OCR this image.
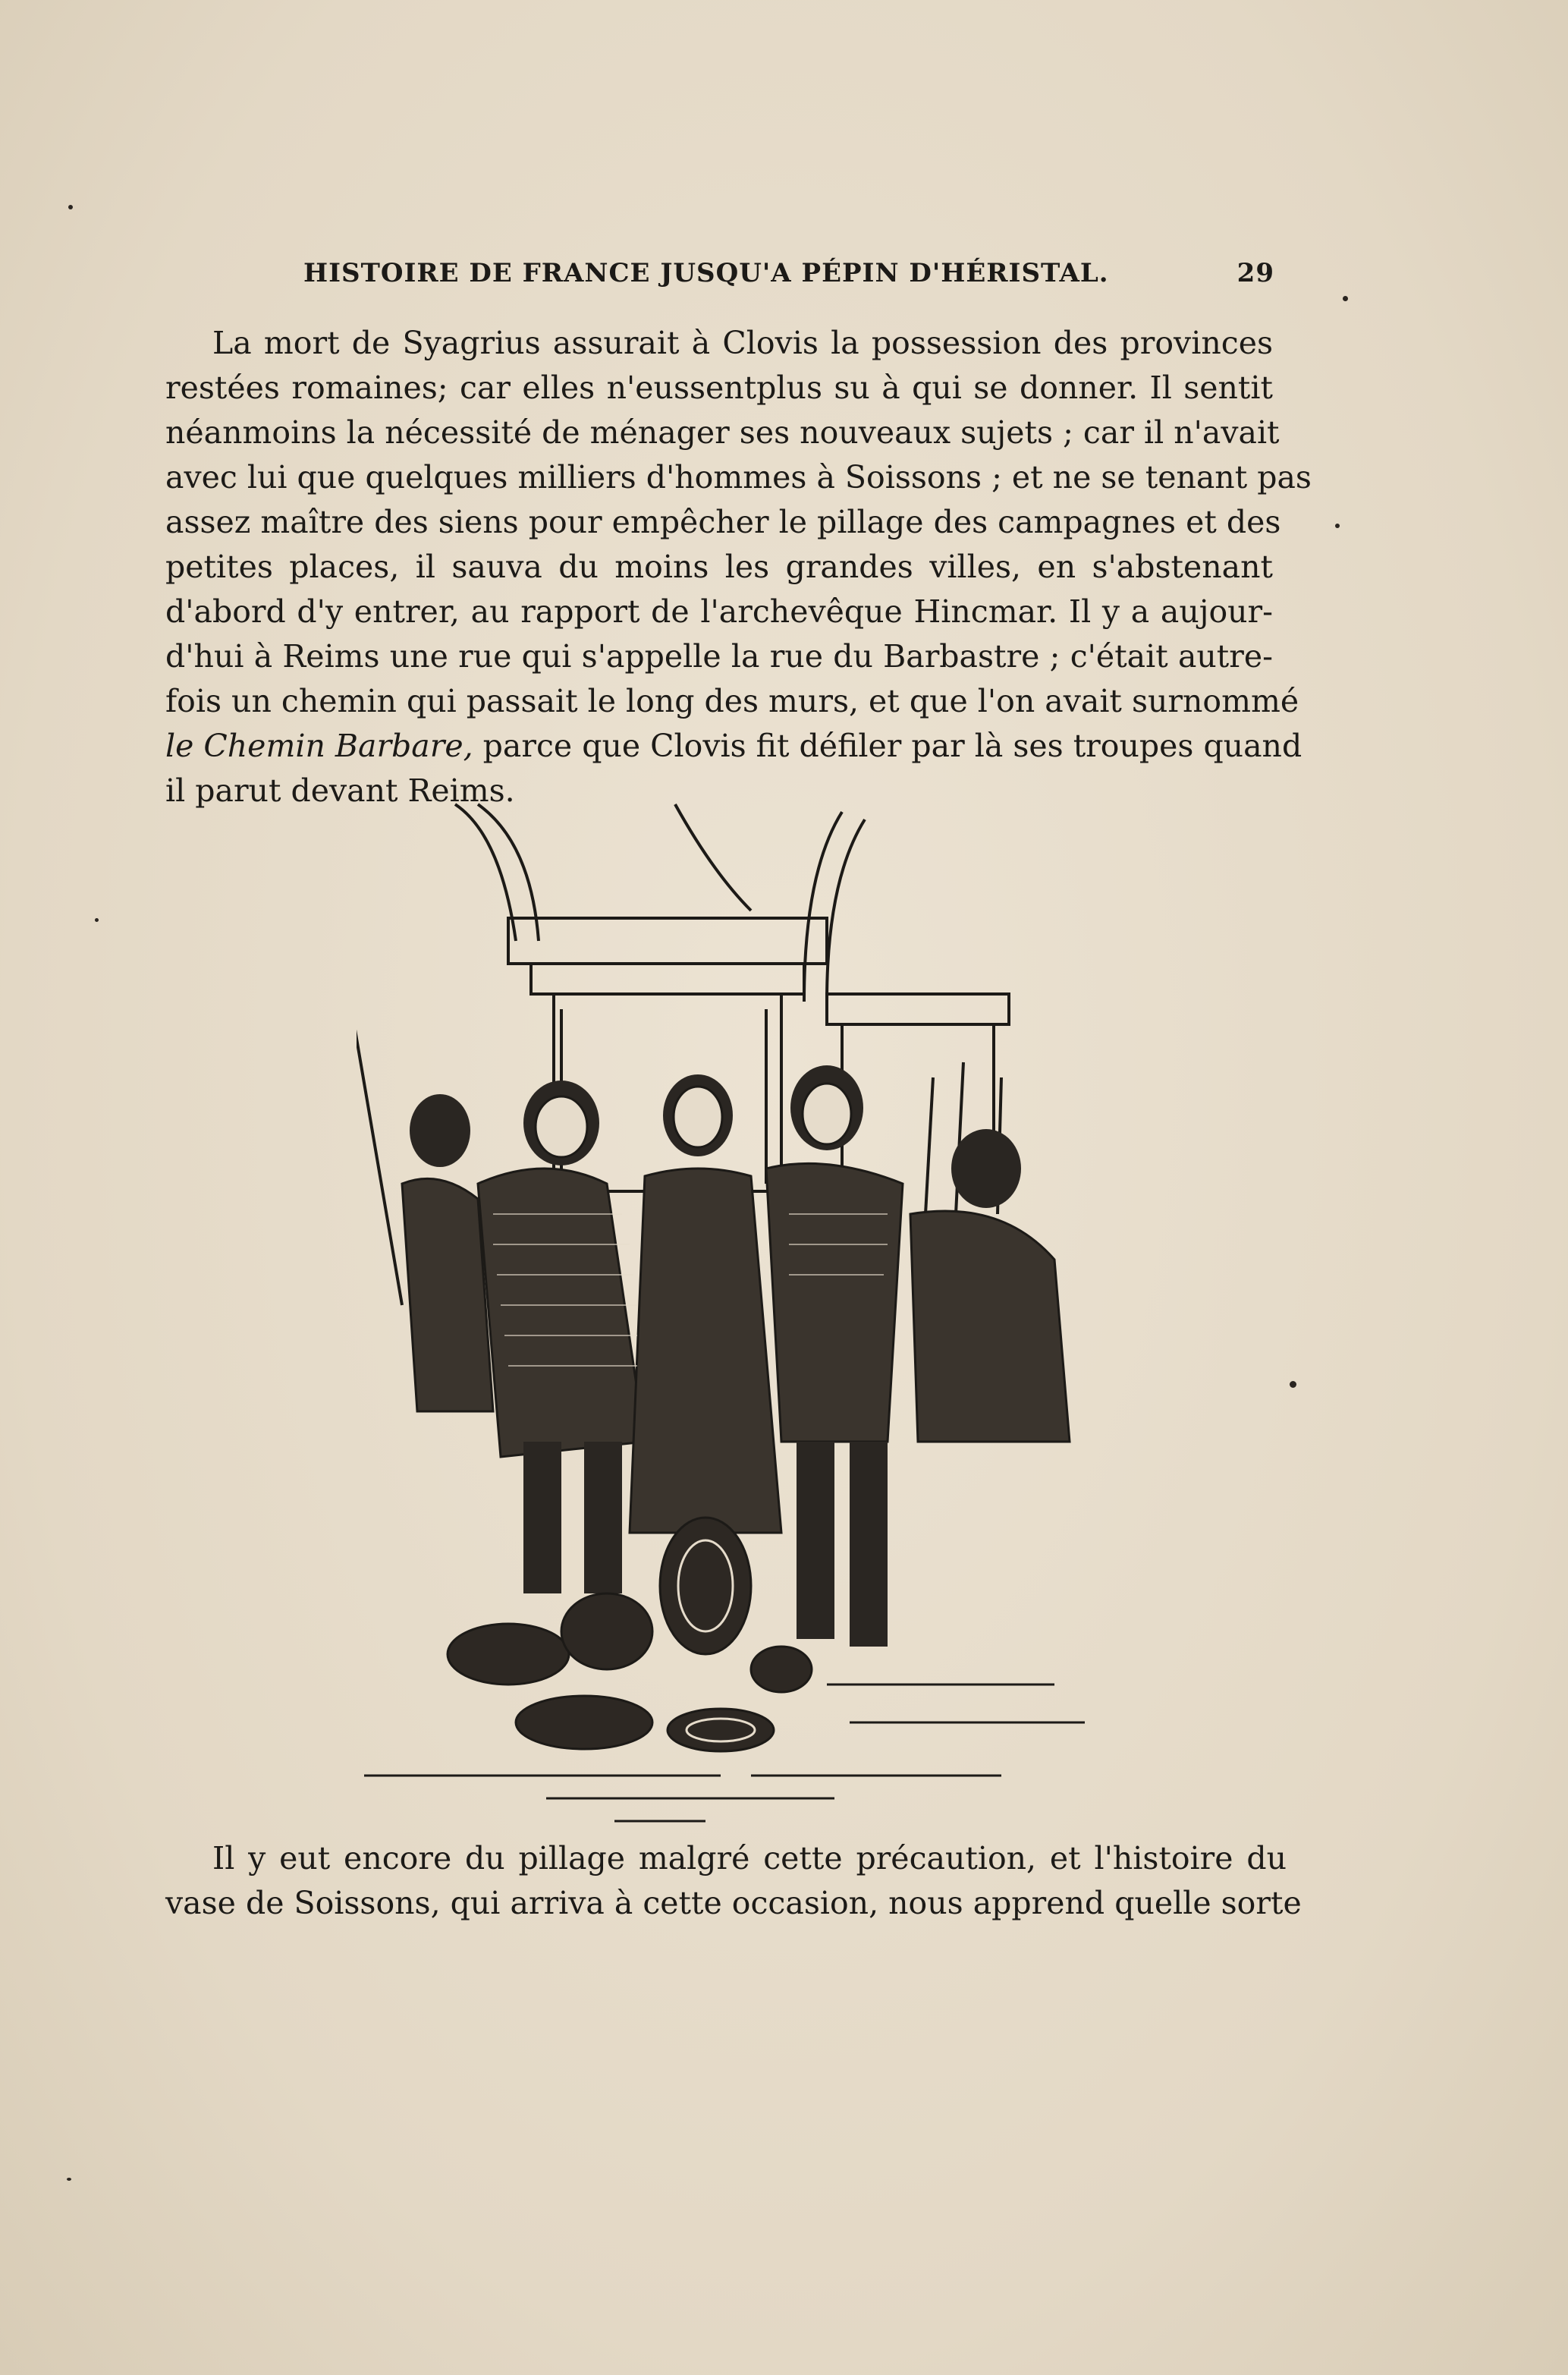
HISTOIRE DE FRANCE JUSQU'A PÉPIN D'HÉRISTAL.	29
La mort de Syagrius assurait à Clovis la possession des provinces
restées romaines; car elles n'eussentplus su à qui se donner. Il sentit
néanmoins la nécessité de ménager ses nouveaux sujets ; car il n'avait
avec lui que quelques milliers d'hommes à Soissons ; et ne se tenant pas
assez maître des siens pour empêcher le pillage des campagnes et des
petites places, il sauva du moins les grandes villes, en s'abstenant
d'abord d'y entrer, au rapport de l'archevêque Hincmar. Il y a aujour-
d'hui à Reims une rue qui s'appelle la rue du Barbastre ; c'était autre-
fois un chemin qui passait le long des murs, et que l'on avait surnommé
le Chemin Barbare, parce que Clovis fit défiler par là ses troupes quand
il parut devant Reims.
Il y eut encore du pillage malgré cette précaution, et l'histoire du
vase de Soissons, qui arriva à cette occasion, nous apprend quelle sorte
